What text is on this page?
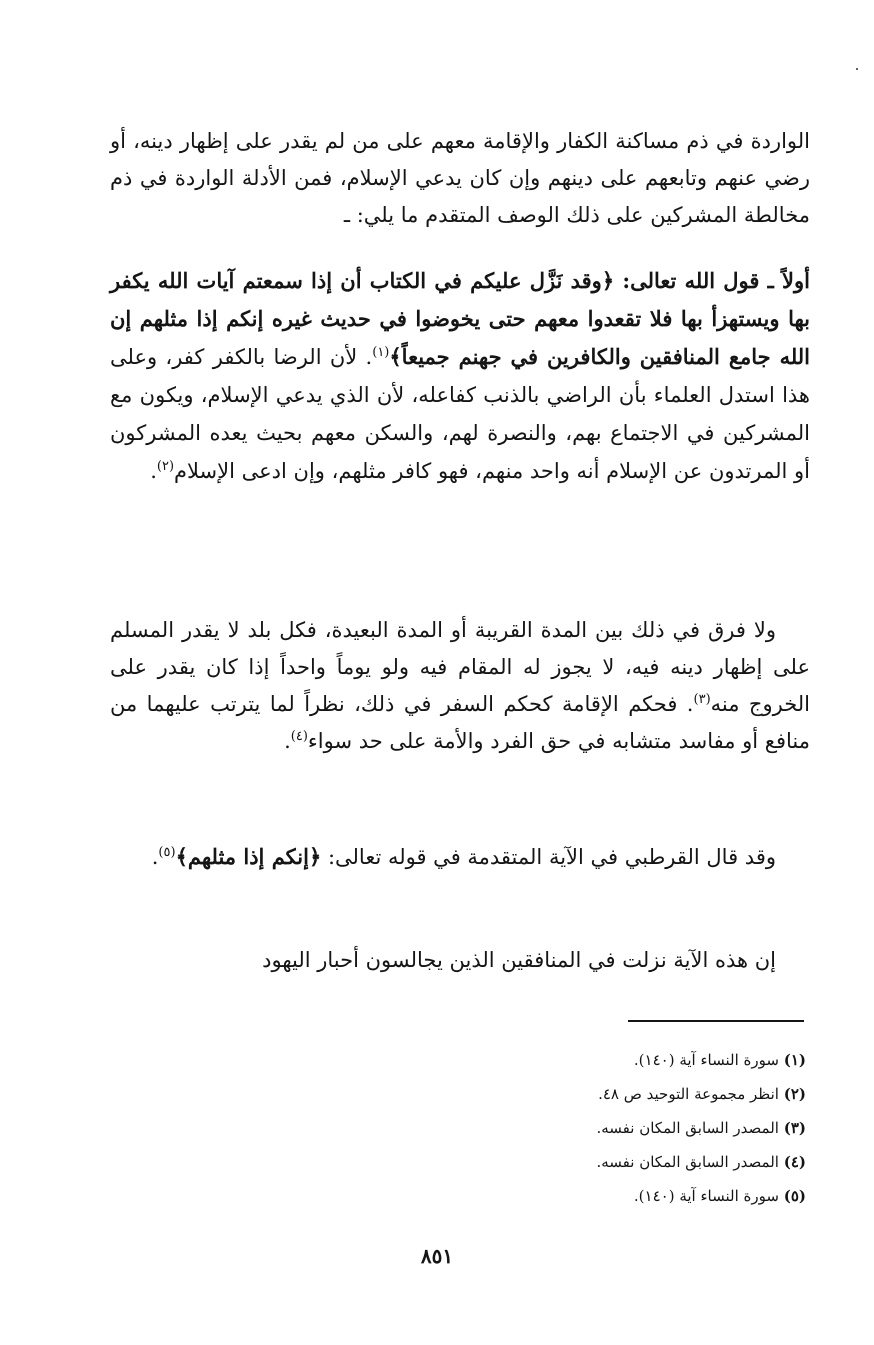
الواردة في ذم مساكنة الكفار والإقامة معهم على من لم يقدر على إظهار دينه، أو رضي عنهم وتابعهم على دينهم وإن كان يدعي الإسلام، فمن الأدلة الواردة في ذم مخالطة المشركين على ذلك الوصف المتقدم ما يلي: ـ

أولاً ـ قول الله تعالى: ﴿وقد نَزَّل عليكم في الكتاب أن إذا سمعتم آيات الله يكفر بها ويستهزأ بها فلا تقعدوا معهم حتى يخوضوا في حديث غيره إنكم إذا مثلهم إن الله جامع المنافقين والكافرين في جهنم جميعاً﴾$^{(١)}$. لأن الرضا بالكفر كفر، وعلى هذا استدل العلماء بأن الراضي بالذنب كفاعله، لأن الذي يدعي الإسلام، ويكون مع المشركين في الاجتماع بهم، والنصرة لهم، والسكن معهم بحيث يعده المشركون أو المرتدون عن الإسلام أنه واحد منهم، فهو كافر مثلهم، وإن ادعى الإسلام$^{(٢)}$.

ولا فرق في ذلك بين المدة القريبة أو المدة البعيدة، فكل بلد لا يقدر المسلم على إظهار دينه فيه، لا يجوز له المقام فيه ولو يوماً واحداً إذا كان يقدر على الخروج منه$^{(٣)}$. فحكم الإقامة كحكم السفر في ذلك، نظراً لما يترتب عليهما من منافع أو مفاسد متشابه في حق الفرد والأمة على حد سواء$^{(٤)}$.

وقد قال القرطبي في الآية المتقدمة في قوله تعالى: ﴿إنكم إذا مثلهم﴾$^{(٥)}$.

إن هذه الآية نزلت في المنافقين الذين يجالسون أحبار اليهود

(١) سورة النساء آية (١٤٠).
(٢) انظر مجموعة التوحيد ص ٤٨.
(٣) المصدر السابق المكان نفسه.
(٤) المصدر السابق المكان نفسه.
(٥) سورة النساء آية (١٤٠).
٨٥١
